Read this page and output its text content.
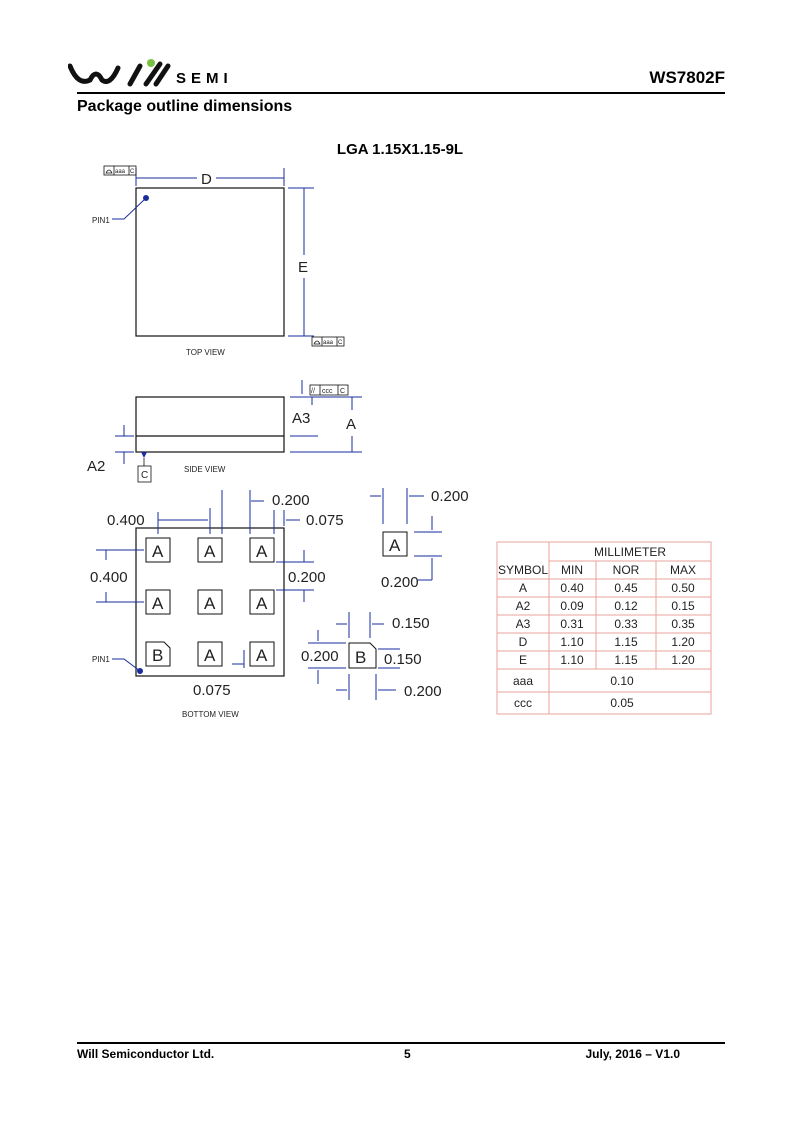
SEMI	WS7802F
Package outline dimensions
LGA 1.15X1.15-9L
PIN1
D
aaa C
E
aaa C
TOP VIEW
A3 A
// ccc C
A2
C
SIDE VIEW
A A A
A A A
B A A
PIN1
0.200
0.400	0.075
0.400	0.200
0.075
BOTTOM VIEW
A
0.200
0.200
B
0.150
0.150
0.200
0.200
MILLIMETER
SYMBOL MIN NOR	MAX
A	0.40	0.45	0.50
A2 0.09	0.12	0.15
A3 0.31	0.33	0.35
D	1.10	1.15	1.20
E	1.10	1.15	1.20
aaa	0.10
ccc	0.05
Will Semiconductor Ltd.	5	July, 2016 – V1.0
